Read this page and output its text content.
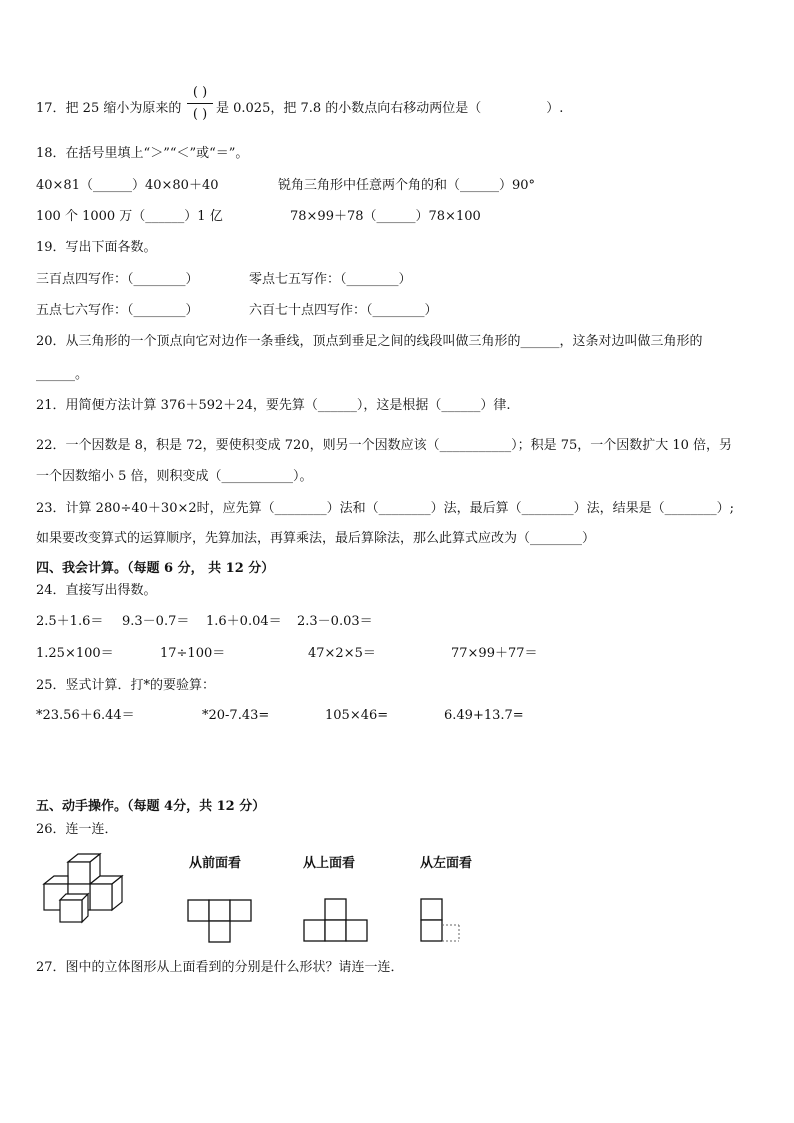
17．把 25 缩小为原来的
( )
( ) 是 0.025，把 7.8 的小数点向右移动两位是（　　　　　）.
18．在括号里填上“＞”“＜”或“＝”。
40×81（______）40×80＋40	锐角三角形中任意两个角的和（______）90°
100 个 1000 万（______）1 亿	78×99＋78（______）78×100
19．写出下面各数。
三百点四写作：（________）	零点七五写作：（________）
五点七六写作：（________）	六百七十点四写作：（________）
20．从三角形的一个顶点向它对边作一条垂线，顶点到垂足之间的线段叫做三角形的______，这条对边叫做三角形的
______。
21．用简便方法计算 376＋592＋24，要先算（______），这是根据（______）律.
22．一个因数是 8，积是 72，要使积变成 720，则另一个因数应该（___________）；积是 75，一个因数扩大 10 倍，另
一个因数缩小 5 倍，则积变成（___________）。
23．计算 280÷40＋30×2时，应先算（________）法和（________）法，最后算（________）法，结果是（________）;
如果要改变算式的运算顺序，先算加法，再算乘法，最后算除法，那么此算式应改为（________）
四、我会计算。（每题 6 分， 共 12 分）
24．直接写出得数。
2.5＋1.6＝ 9.3－0.7＝ 1.6＋0.04＝ 2.3－0.03＝
1.25×100＝	17÷100＝	47×2×5＝	77×99＋77＝
25．竖式计算．打*的要验算：
*23.56＋6.44＝	*20-7.43=	105×46=	6.49+13.7=
五、动手操作。（每题 4分，共 12 分）
26．连一连．
从前面看	从上面看	从左面看
27．图中的立体图形从上面看到的分别是什么形状？请连一连．
